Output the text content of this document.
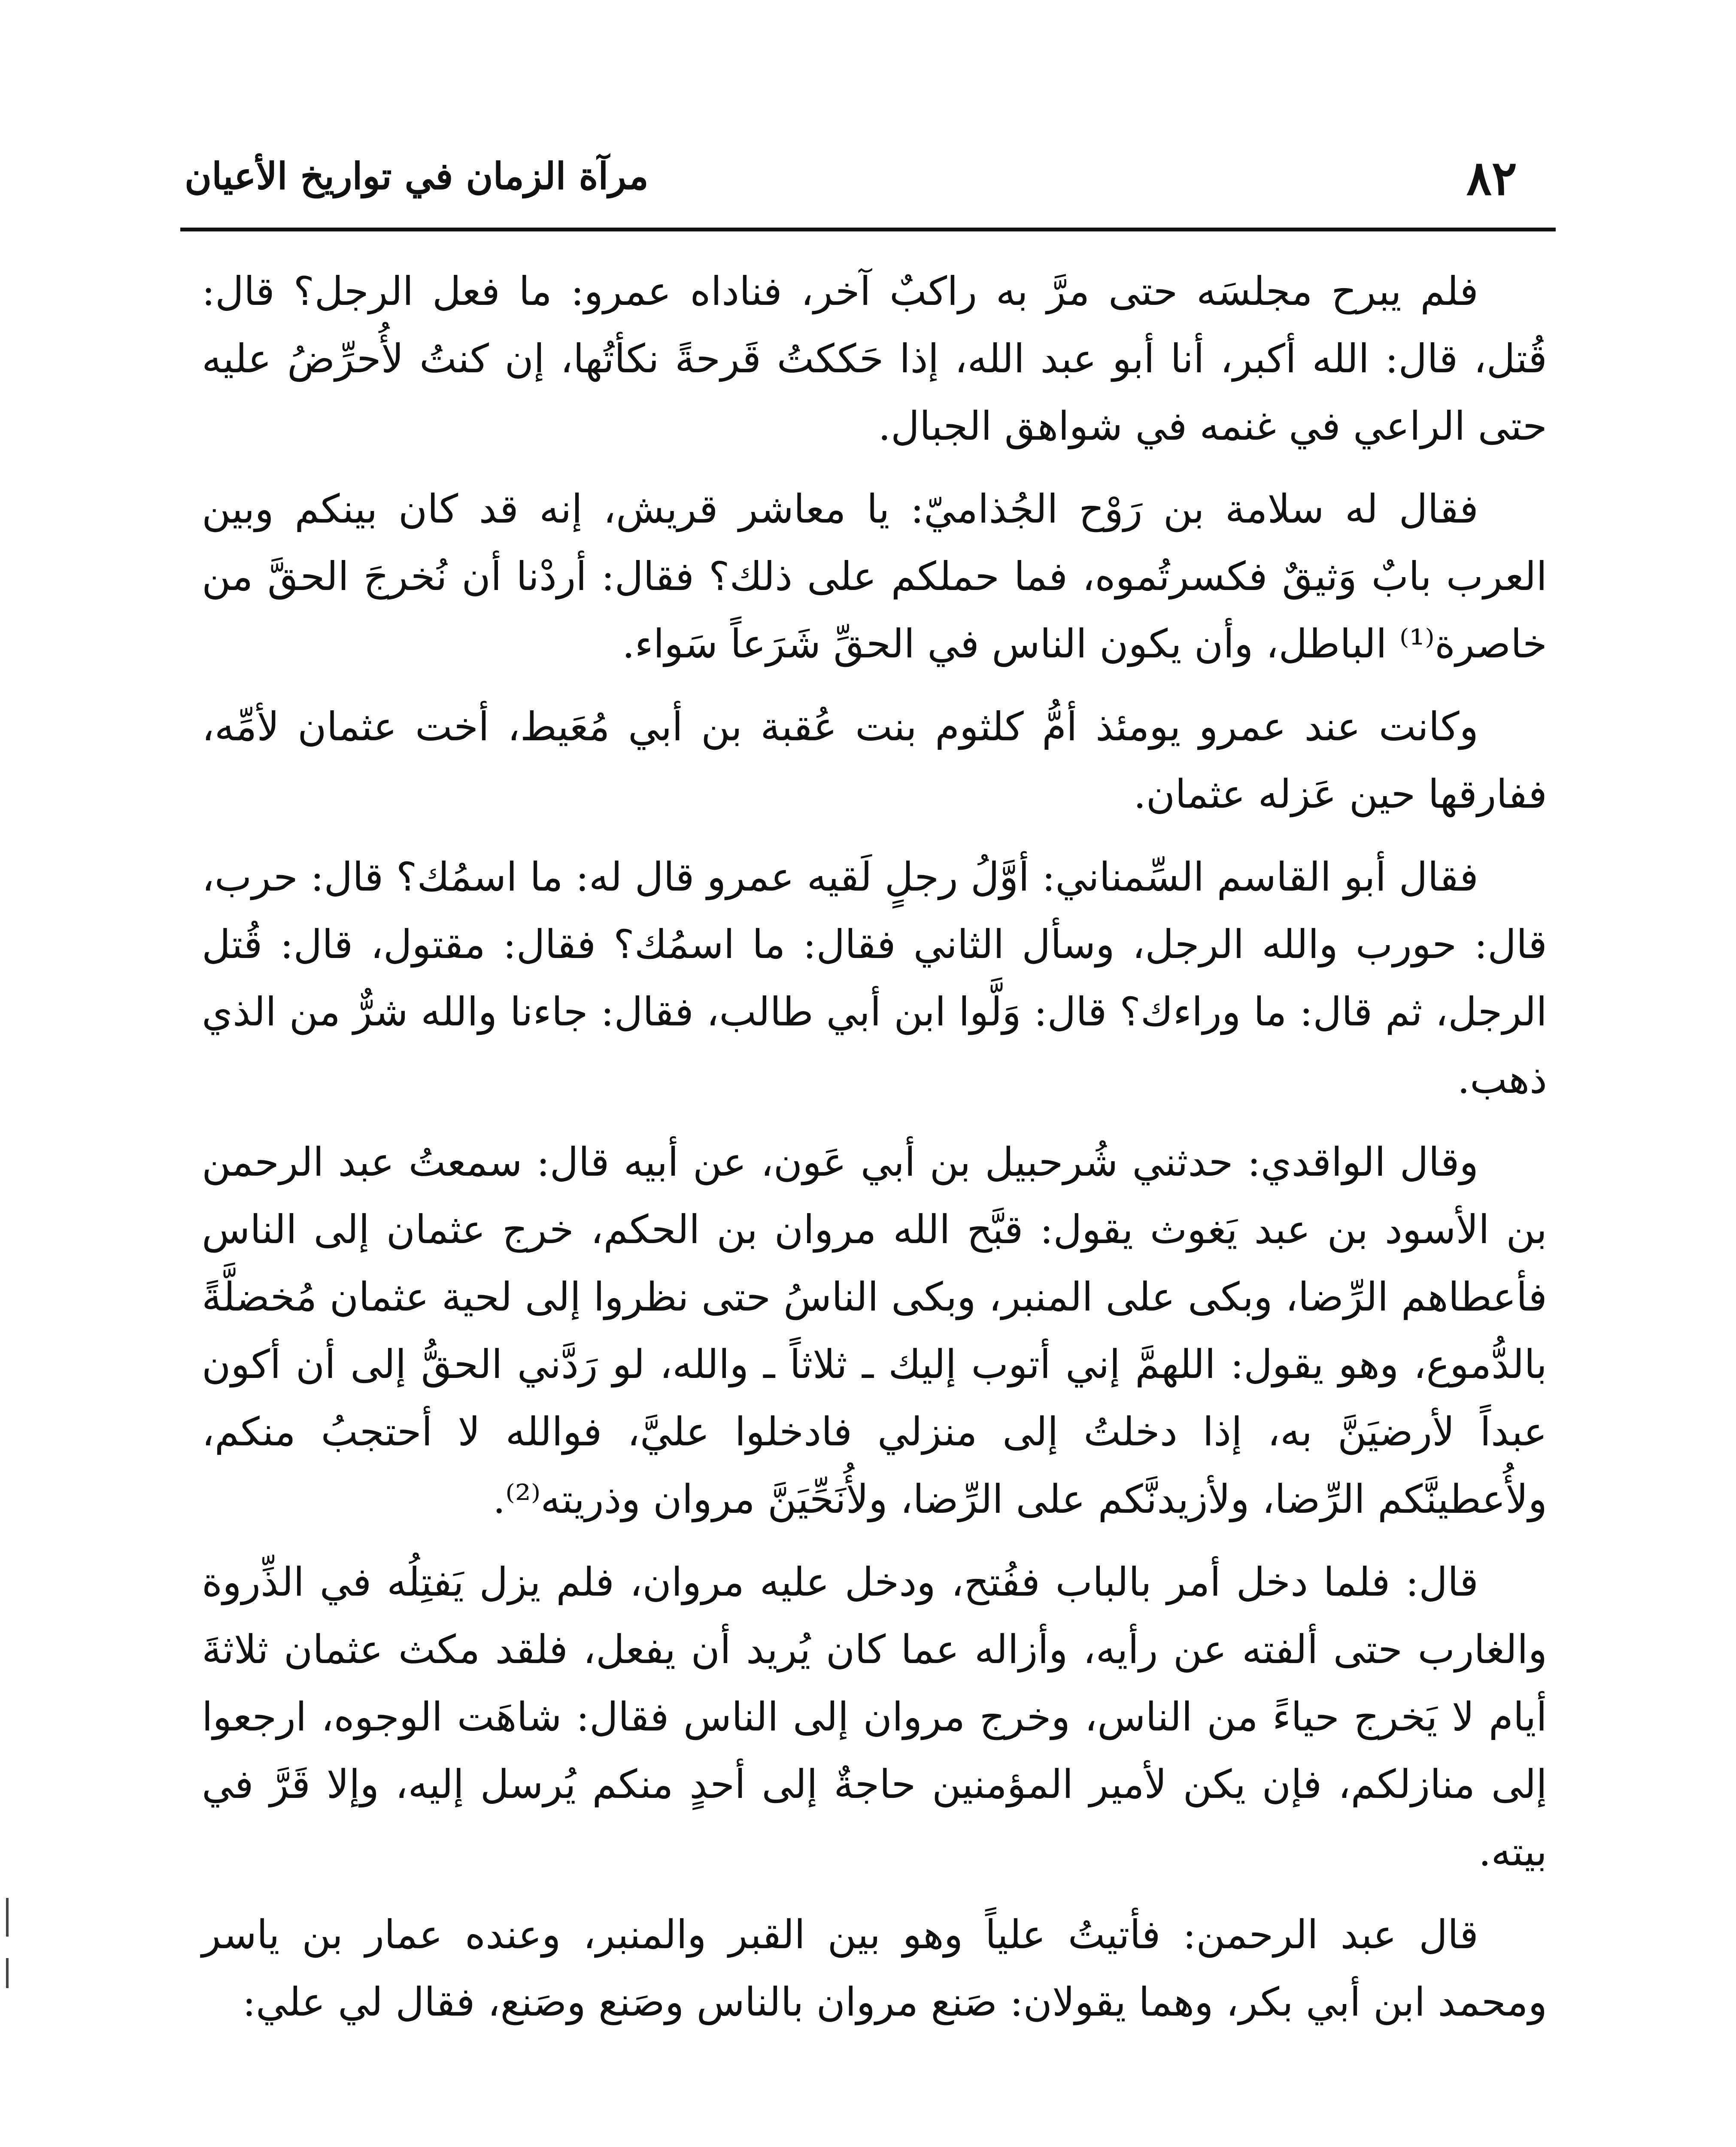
٨٢
مرآة الزمان في تواريخ الأعيان

فلم يبرح مجلسَه حتى مرَّ به راكبٌ آخر، فناداه عمرو: ما فعل الرجل؟ قال: قُتل، قال: الله أكبر، أنا أبو عبد الله، إذا حَككتُ قَرحةً نكأتُها، إن كنتُ لأُحرِّضُ عليه حتى الراعي في غنمه في شواهق الجبال.

فقال له سلامة بن رَوْح الجُذاميّ: يا معاشر قريش، إنه قد كان بينكم وبين العرب بابٌ وَثيقٌ فكسرتُموه، فما حملكم على ذلك؟ فقال: أردْنا أن نُخرجَ الحقَّ من خاصرة⁽¹⁾ الباطل، وأن يكون الناس في الحقِّ شَرَعاً سَواء.

وكانت عند عمرو يومئذ أمُّ كلثوم بنت عُقبة بن أبي مُعَيط، أخت عثمان لأمِّه، ففارقها حين عَزله عثمان.

فقال أبو القاسم السِّمناني: أوَّلُ رجلٍ لَقيه عمرو قال له: ما اسمُك؟ قال: حرب، قال: حورب والله الرجل، وسأل الثاني فقال: ما اسمُك؟ فقال: مقتول، قال: قُتل الرجل، ثم قال: ما وراءك؟ قال: وَلَّوا ابن أبي طالب، فقال: جاءنا والله شرٌّ من الذي ذهب.

وقال الواقدي: حدثني شُرحبيل بن أبي عَون، عن أبيه قال: سمعتُ عبد الرحمن بن الأسود بن عبد يَغوث يقول: قبَّح الله مروان بن الحكم، خرج عثمان إلى الناس فأعطاهم الرِّضا، وبكى على المنبر، وبكى الناسُ حتى نظروا إلى لحية عثمان مُخضلَّةً بالدُّموع، وهو يقول: اللهمَّ إني أتوب إليك ـ ثلاثاً ـ والله، لو رَدَّني الحقُّ إلى أن أكون عبداً لأرضيَنَّ به، إذا دخلتُ إلى منزلي فادخلوا عليَّ، فوالله لا أحتجبُ منكم، ولأُعطينَّكم الرِّضا، ولأزيدنَّكم على الرِّضا، ولأُنَحِّيَنَّ مروان وذريته⁽²⁾.

قال: فلما دخل أمر بالباب ففُتح، ودخل عليه مروان، فلم يزل يَفتِلُه في الذِّروة والغارب حتى ألفته عن رأيه، وأزاله عما كان يُريد أن يفعل، فلقد مكث عثمان ثلاثةَ أيام لا يَخرج حياءً من الناس، وخرج مروان إلى الناس فقال: شاهَت الوجوه، ارجعوا إلى منازلكم، فإن يكن لأمير المؤمنين حاجةٌ إلى أحدٍ منكم يُرسل إليه، وإلا قَرَّ في بيته.

قال عبد الرحمن: فأتيتُ علياً وهو بين القبر والمنبر، وعنده عمار بن ياسر ومحمد ابن أبي بكر، وهما يقولان: صَنع مروان بالناس وصَنع وصَنع، فقال لي علي:
